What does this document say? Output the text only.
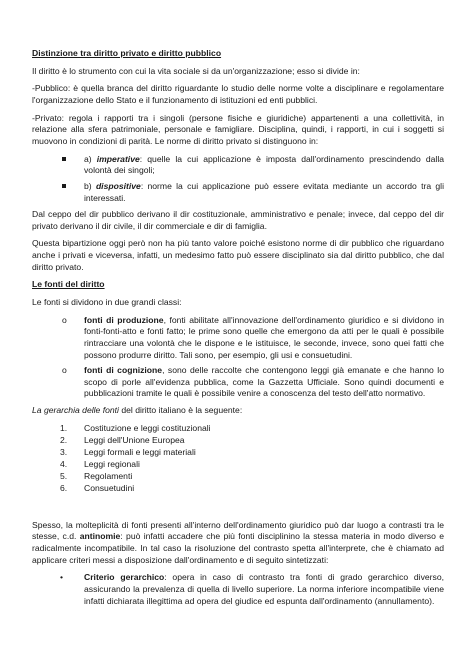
Distinzione tra diritto privato e diritto pubblico

Il diritto è lo strumento con cui la vita sociale si da un'organizzazione; esso si divide in:

-Pubblico: è quella branca del diritto riguardante lo studio delle norme volte a disciplinare e regolamentare l'organizzazione dello Stato e il funzionamento di istituzioni ed enti pubblici.

-Privato: regola i rapporti tra i singoli (persone fisiche e giuridiche) appartenenti a una collettività, in relazione alla sfera patrimoniale, personale e famigliare. Disciplina, quindi, i rapporti, in cui i soggetti si muovono in condizioni di parità. Le norme di diritto privato si distinguono in:

a) imperative: quelle la cui applicazione è imposta dall'ordinamento prescindendo dalla volontà dei singoli;
b) dispositive: norme la cui applicazione può essere evitata mediante un accordo tra gli interessati.

Dal ceppo del dir pubblico derivano il dir costituzionale, amministrativo e penale; invece, dal ceppo del dir privato derivano il dir civile, il dir commerciale e dir di famiglia.

Questa bipartizione oggi però non ha più tanto valore poiché esistono norme di dir pubblico che riguardano anche i privati e viceversa, infatti, un medesimo fatto può essere disciplinato sia dal diritto pubblico, che dal diritto privato.

Le fonti del diritto

Le fonti si dividono in due grandi classi:

o fonti di produzione, fonti abilitate all'innovazione dell'ordinamento giuridico e si dividono in fonti-fonti-atto e fonti fatto; le prime sono quelle che emergono da atti per le quali è possibile rintracciare una volontà che le dispone e le istituisce, le seconde, invece, sono quei fatti che possono produrre diritto. Tali sono, per esempio, gli usi e consuetudini.
o fonti di cognizione, sono delle raccolte che contengono leggi già emanate e che hanno lo scopo di porle all'evidenza pubblica, come la Gazzetta Ufficiale. Sono quindi documenti e pubblicazioni tramite le quali è possibile venire a conoscenza del testo dell'atto normativo.

La gerarchia delle fonti del diritto italiano è la seguente:

1. Costituzione e leggi costituzionali
2. Leggi dell'Unione Europea
3. Leggi formali e leggi materiali
4. Leggi regionali
5. Regolamenti
6. Consuetudini

Spesso, la molteplicità di fonti presenti all'interno dell'ordinamento giuridico può dar luogo a contrasti tra le stesse, c.d. antinomie: può infatti accadere che più fonti disciplinino la stessa materia in modo diverso e radicalmente incompatibile. In tal caso la risoluzione del contrasto spetta all'interprete, che è chiamato ad applicare criteri messi a disposizione dall'ordinamento e di seguito sintetizzati:

• Criterio gerarchico: opera in caso di contrasto tra fonti di grado gerarchico diverso, assicurando la prevalenza di quella di livello superiore. La norma inferiore incompatibile viene infatti dichiarata illegittima ad opera del giudice ed espunta dall'ordinamento (annullamento).
